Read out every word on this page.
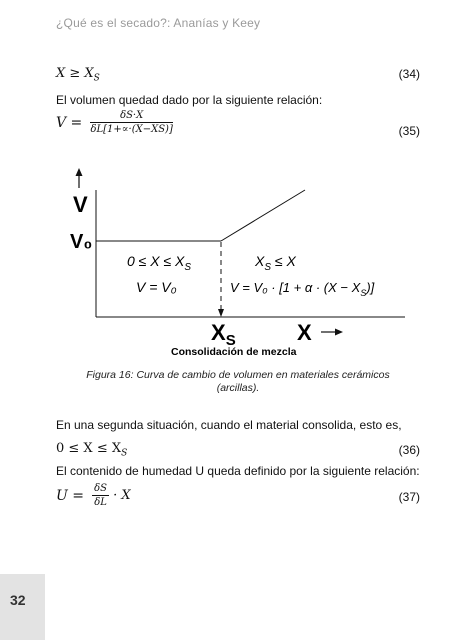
¿Qué es el secado?: Ananías y Keey
$X \ge X_S$	(34)
El volumen quedad dado por la siguiente relación:
$V = \frac{\delta S\cdot X}{\delta L[1+\propto\cdot(X-XS)]}$	(35)
V
V₀
$0 \le X \le X_S$
V = V₀
$X_S \le X$
$V = V_0 \cdot [1 + \alpha \cdot (X - X_S)]$
$X_S$	X
Consolidación de mezcla
Figura 16: Curva de cambio de volumen en materiales cerámicos (arcillas).
En una segunda situación, cuando el material consolida, esto es,
$0 \le X \le X_S$	(36)
El contenido de humedad U queda definido por la siguiente relación:
$U = \frac{\delta S}{\delta L} \cdot X$	(37)
32
